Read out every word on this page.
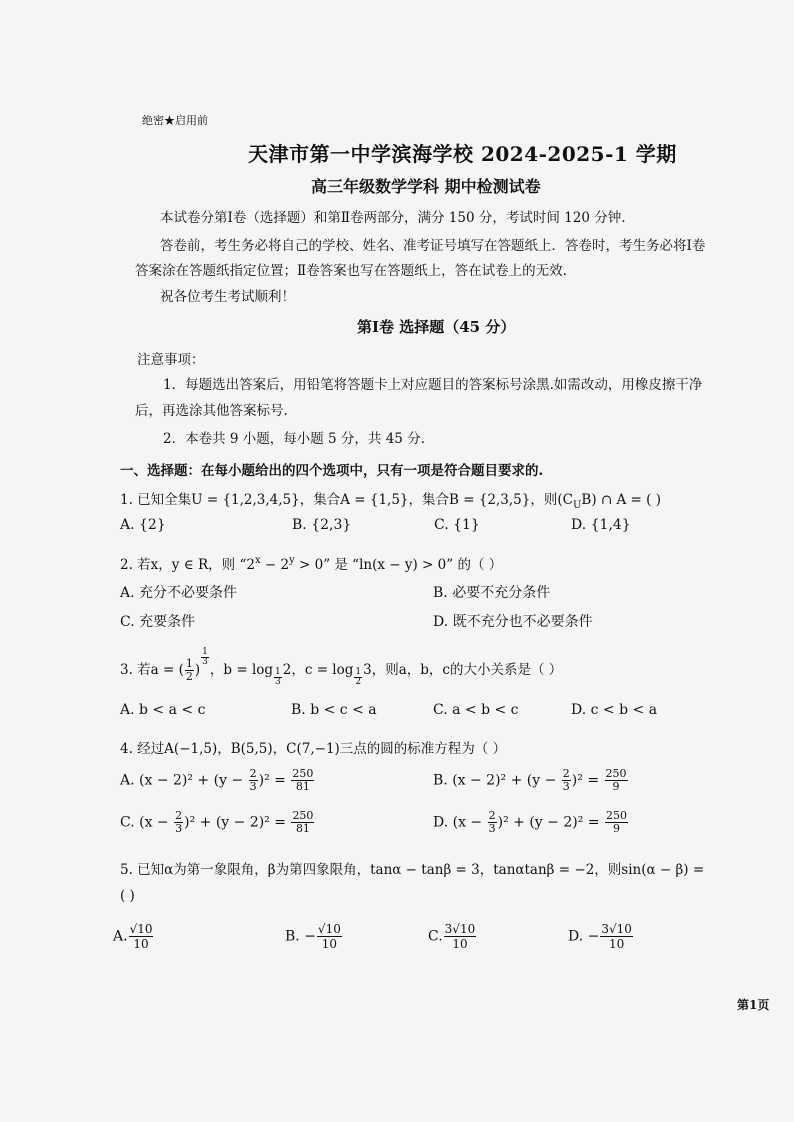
绝密★启用前
天津市第一中学滨海学校 2024-2025-1 学期
高三年级数学学科 期中检测试卷
本试卷分第Ⅰ卷（选择题）和第Ⅱ卷两部分，满分 150 分，考试时间 120 分钟.
答卷前，考生务必将自己的学校、姓名、准考证号填写在答题纸上．答卷时，考生务必将Ⅰ卷
答案涂在答题纸指定位置；Ⅱ卷答案也写在答题纸上，答在试卷上的无效.
祝各位考生考试顺利！
第Ⅰ卷 选择题（45 分）
注意事项：
1．每题选出答案后，用铅笔将答题卡上对应题目的答案标号涂黑.如需改动，用橡皮擦干净
后，再选涂其他答案标号.
2．本卷共 9 小题，每小题 5 分，共 45 分.
一、选择题：在每小题给出的四个选项中，只有一项是符合题目要求的.
1. 已知全集U = {1,2,3,4,5}，集合A = {1,5}，集合B = {2,3,5}，则$(C_UB)$ ∩ A = ( )
A. {2}	B. {2,3}	C. {1}	D. {1,4}
2. 若x，y ∈ R，则 “$2^x - 2^y > 0$” 是 “ln(x − y) > 0” 的（ ）
A. 充分不必要条件	B. 必要不充分条件
C. 充要条件	D. 既不充分也不必要条件
3. 若a = ( $\frac{1}{2}$ )
$\frac{1}{3}$
，$b = \log \frac{1}{3} 2$，$c = \log \frac{1}{2} 3$，则a，b，c的大小关系是（ ）
A. b < a < c	B. b < c < a	C. a < b < c	D. c < b < a
4. 经过A(−1,5)，B(5,5)，C(7,−1)三点的圆的标准方程为（ ）
A. $(x - 2)^2 + (y - \frac{2}{3} )^2 = \frac{250}{81}$	B. $(x - 2)^2 + (y - \frac{2}{3} )^2 = \frac{250}{9}$
C. $(x - \frac{2}{3} )^2 + (y - 2)^2 = \frac{250}{81}$	D. $(x - \frac{2}{3} )^2 + (y - 2)^2 = \frac{250}{9}$
5. 已知α为第一象限角，β为第四象限角，tanα − tanβ = 3，tanαtanβ = −2，则sin(α − β) =
( )
A. $\frac{√10}{10}$	B. − $\frac{√10}{10}$	C. $\frac{3√10}{10}$	D. − $\frac{3√10}{10}$
第1页
